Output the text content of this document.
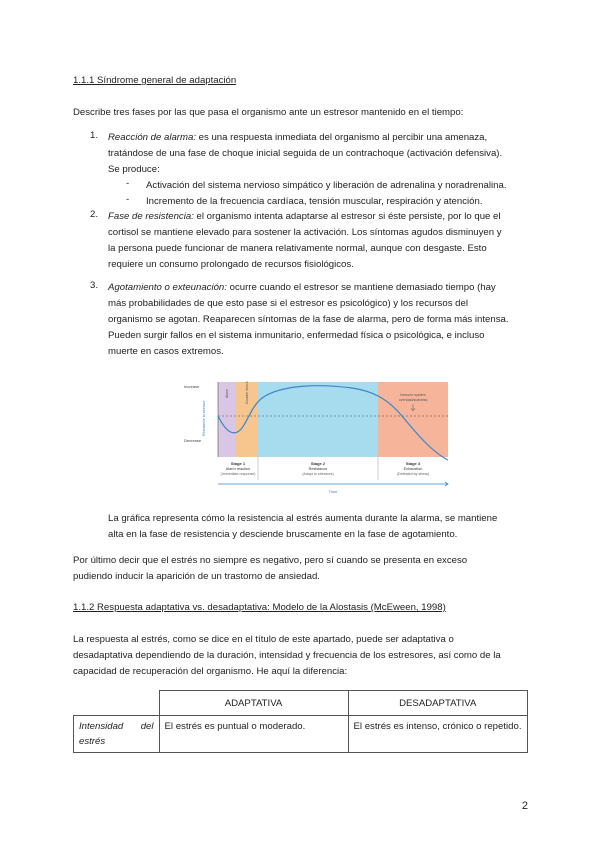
1.1.1 Síndrome general de adaptación

Describe tres fases por las que pasa el organismo ante un estresor mantenido en el tiempo:

1. Reacción de alarma: es una respuesta inmediata del organismo al percibir una amenaza,

tratándose de una fase de choque inicial seguida de un contrachoque (activación defensiva).

Se produce:

- Activación del sistema nervioso simpático y liberación de adrenalina y noradrenalina.

- Incremento de la frecuencia cardíaca, tensión muscular, respiración y atención.

2. Fase de resistencia: el organismo intenta adaptarse al estresor si éste persiste, por lo que el

cortisol se mantiene elevado para sostener la activación. Los síntomas agudos disminuyen y

la persona puede funcionar de manera relativamente normal, aunque con desgaste. Esto

requiere un consumo prolongado de recursos fisiológicos.

3. Agotamiento o exteunación: ocurre cuando el estresor se mantiene demasiado tiempo (hay

más probabilidades de que esto pase si el estresor es psicológico) y los recursos del

organismo se agotan. Reaparecen síntomas de la fase de alarma, pero de forma más intensa.

Pueden surgir fallos en el sistema inmunitario, enfermedad física o psicológica, e incluso

muerte en casos extremos.

Increase
Decrease
Resistance to stressor
Alarm	Counter shock	Immune system
overload/sickness
Stage 1
Alarm reaction
(Immediate response)
Stage 2
Resistance
(Adapt to stressors)
Stage 3
Exhaustion
(Defeated by stress)
Time

La gráfica representa cómo la resistencia al estrés aumenta durante la alarma, se mantiene

alta en la fase de resistencia y desciende bruscamente en la fase de agotamiento.

Por último decir que el estrés no siempre es negativo, pero sí cuando se presenta en exceso

pudiendo inducir la aparición de un trastorno de ansiedad.

1.1.2 Respuesta adaptativa vs. desadaptativa: Modelo de la Alostasis (McEween, 1998)

La respuesta al estrés, como se dice en el título de este apartado, puede ser adaptativa o

desadaptativa dependiendo de la duración, intensidad y frecuencia de los estresores, así como de la

capacidad de recuperación del organismo. He aquí la diferencia:

	ADAPTATIVA	DESADAPTATIVA
Intensidad del estrés	El estrés es puntual o moderado.	El estrés es intenso, crónico o repetido.
2
